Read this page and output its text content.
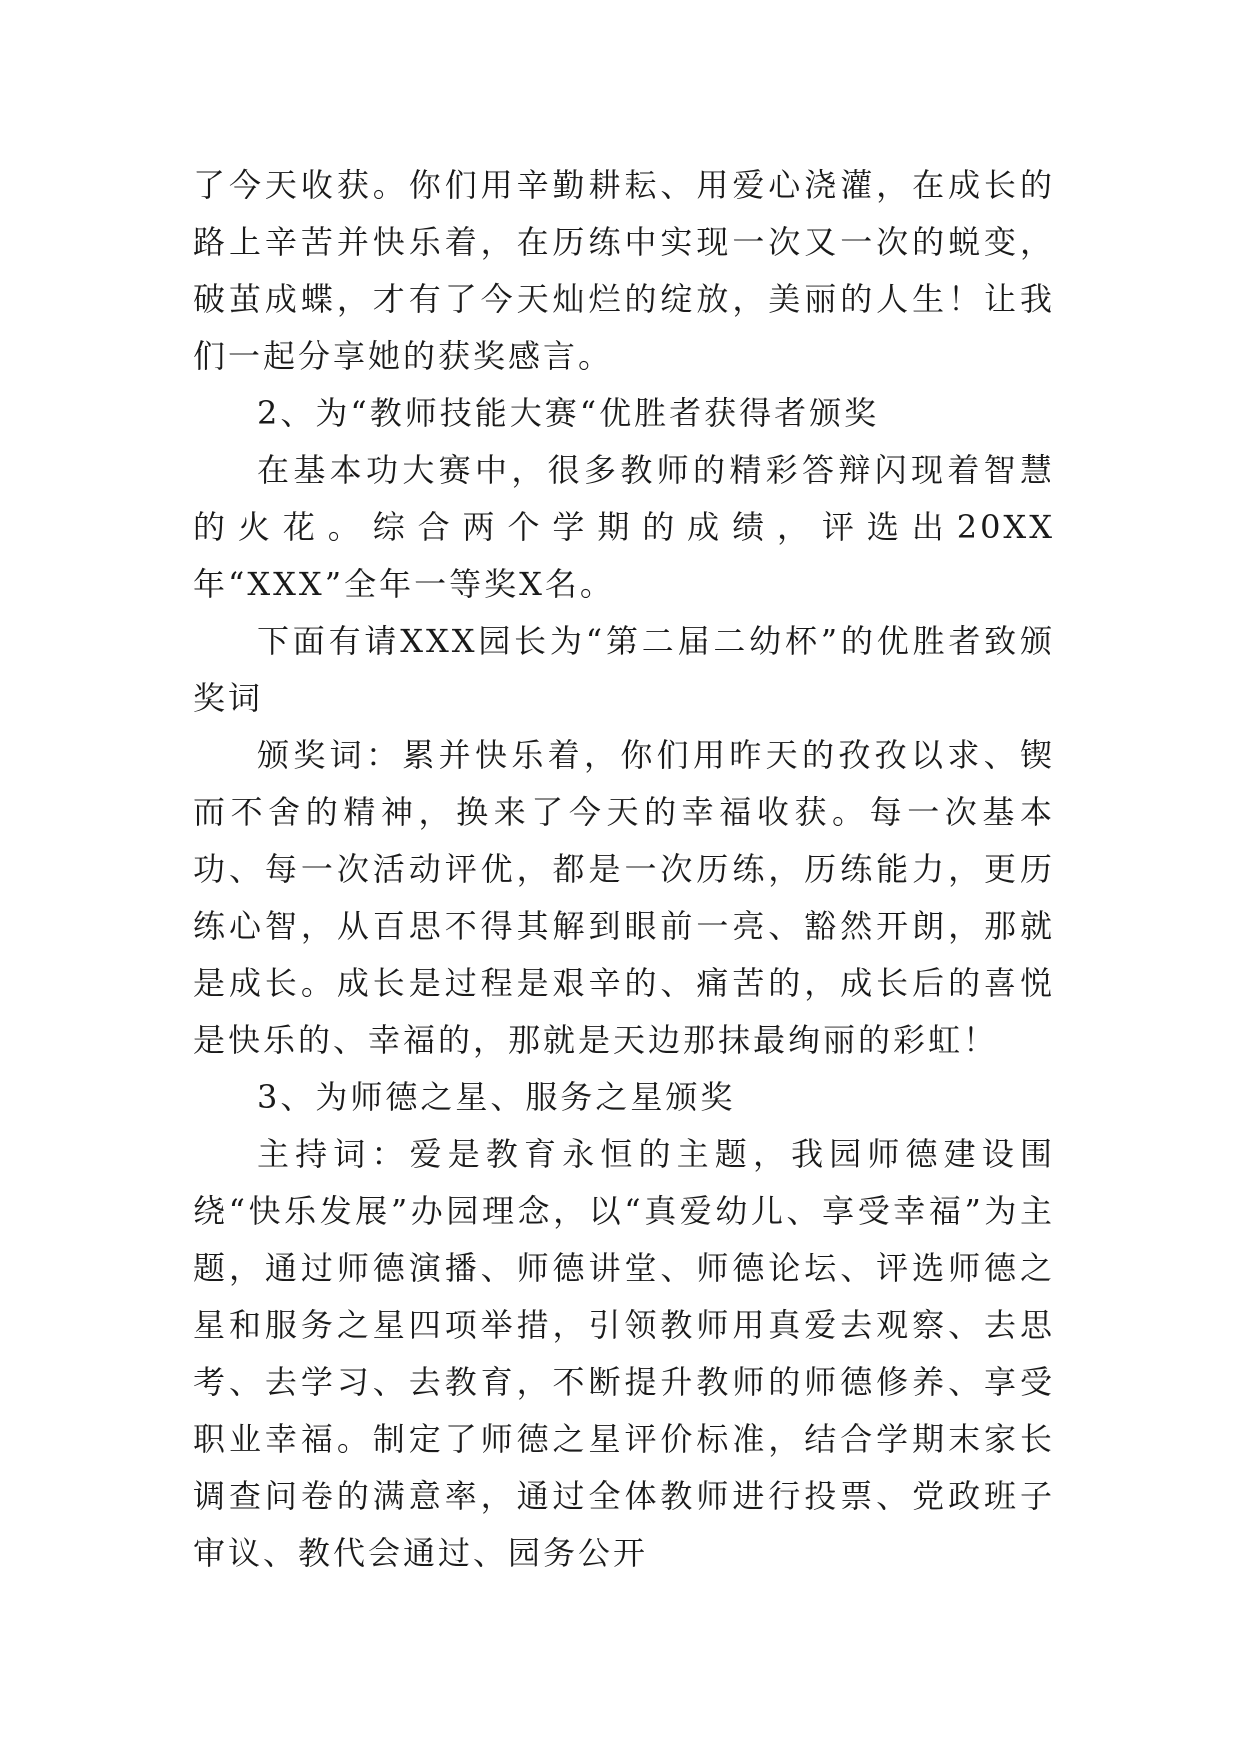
了今天收获。你们用辛勤耕耘、用爱心浇灌，在成长的路上辛苦并快乐着，在历练中实现一次又一次的蜕变，破茧成蝶，才有了今天灿烂的绽放，美丽的人生！让我们一起分享她的获奖感言。

2、为“教师技能大赛“优胜者获得者颁奖

在基本功大赛中，很多教师的精彩答辩闪现着智慧的火花。综合两个学期的成绩，评选出20XX年“XXX”全年一等奖X名。

下面有请XXX园长为“第二届二幼杯”的优胜者致颁奖词

颁奖词：累并快乐着，你们用昨天的孜孜以求、锲而不舍的精神，换来了今天的幸福收获。每一次基本功、每一次活动评优，都是一次历练，历练能力，更历练心智，从百思不得其解到眼前一亮、豁然开朗，那就是成长。成长是过程是艰辛的、痛苦的，成长后的喜悦是快乐的、幸福的，那就是天边那抹最绚丽的彩虹！

3、为师德之星、服务之星颁奖

主持词：爱是教育永恒的主题，我园师德建设围绕“快乐发展”办园理念，以“真爱幼儿、享受幸福”为主题，通过师德演播、师德讲堂、师德论坛、评选师德之星和服务之星四项举措，引领教师用真爱去观察、去思考、去学习、去教育，不断提升教师的师德修养、享受职业幸福。制定了师德之星评价标准，结合学期末家长调查问卷的满意率，通过全体教师进行投票、党政班子审议、教代会通过、园务公开
